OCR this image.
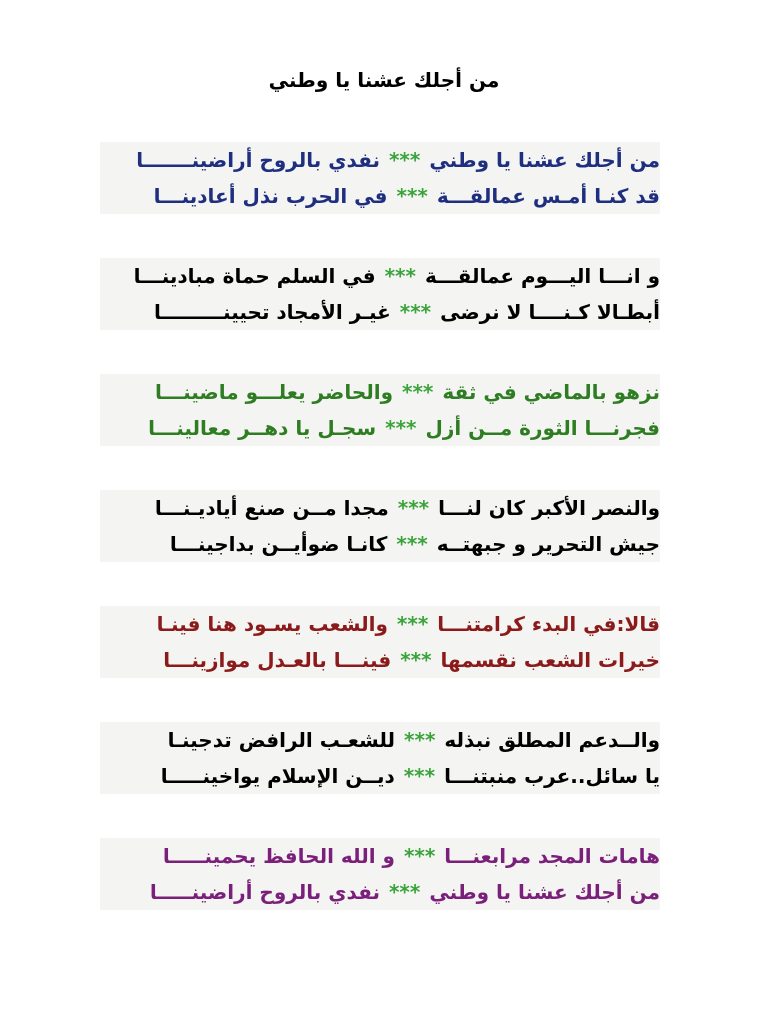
من أجلك عشنا يا وطني
من أجلك عشنا يا وطني *** نفدي بالروح أراضينـــــــا
قد كنـا أمـس عمالقـــة *** في الحرب نذل أعادينـــا
و انـــا اليـــوم عمالقـــة *** في السلم حماة مبادينـــا
أبطـالا كـنــــا لا نرضى *** غيـر الأمجاد تحيينـــــــــا
نزهو بالماضي في ثقة *** والحاضر يعلـــو ماضينـــا
فجرنـــا الثورة مــن أزل *** سجـل يا دهــر معالينـــا
والنصر الأكبر كان لنـــا *** مجدا مــن صنع أياديـنـــا
جيش التحرير و جبهتــه *** كانـا ضوأيــن بداجينـــا
قالا:في البدء كرامتنـــا *** والشعب يسـود هنا فينـا
خيرات الشعب نقسمها *** فينـــا بالعـدل موازينـــا
والــدعم المطلق نبذله *** للشعـب الرافض تدجينـا
يا سائل..عرب منبتنـــا *** ديــن الإسلام يواخينـــــا
هامات المجد مرابعنـــا *** و الله الحافظ يحمينـــــا
من أجلك عشنا يا وطني *** نفدي بالروح أراضينـــــا
